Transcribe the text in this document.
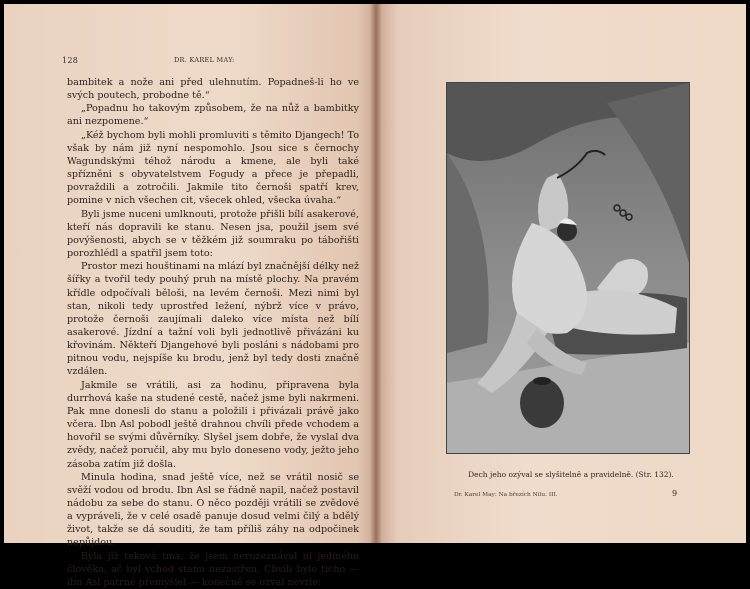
128	DR. KAREL MAY:

bambitek a nože ani před ulehnutím. Popadneš-li ho ve svých poutech, probodne tě.“

„Popadnu ho takovým způsobem, že na nůž a bambitky ani nezpomene.“

„Kéž bychom byli mohli promluviti s těmito Djangech! To však by nám již nyní nespomohlo. Jsou sice s černochy Wagundskými téhož národu a kmene, ale byli také spřízněni s obyvatelstvem Fogudy a přece je přepadli, povraždili a zotročili. Jakmile tito černoši spatří krev, pomine v nich všechen cit, všecek ohled, všecka úvaha.“

Byli jsme nuceni umlknouti, protože přišli bílí asakerové, kteří nás dopravili ke stanu. Nesen jsa, použil jsem své povýšenosti, abych se v těžkém již soumraku po tábořišti porozhlédl a spatřil jsem toto:

Prostor mezi houštinami na mlází byl značnější délky než šířky a tvořil tedy pouhý pruh na místě plochy. Na pravém křídle odpočívali běloši, na levém černoši. Mezi nimi byl stan, nikoli tedy uprostřed ležení, nýbrž více v právo, protože černoši zaujímali daleko více místa než bílí asakerové. Jízdní a tažní voli byli jednotlivě přivázáni ku křovinám. Někteří Djangehové byli posláni s nádobami pro pitnou vodu, nejspíše ku brodu, jenž byl tedy dosti značně vzdálen.

Jakmile se vrátili, asi za hodinu, připravena byla durrhová kaše na studené cestě, načež jsme byli nakrmeni. Pak mne donesli do stanu a položili i přivázali právě jako včera. Ibn Asl pobodl ještě drahnou chvíli přede vchodem a hovořil se svými důvěrníky. Slyšel jsem dobře, že vyslal dva zvědy, načež poručil, aby mu bylo doneseno vody, ježto jeho zásoba zatím již došla.

Minula hodina, snad ještě více, než se vrátil nosič se svěží vodou od brodu. Ibn Asl se řádně napil, načež postavil nádobu za sebe do stanu. O něco později vrátili se zvědové a vypráveli, že v celé osadě panuje dosud velmi čilý a bdělý život, takže se dá souditi, že tam příliš záhy na odpočinek nepůjdou.

Byla již taková tma, že jsem nerozeznával ni jediného člověka, ač byl vchod stanu nezastřen. Chvíli bylo ticho — ibn Asl patrně přemýšlel — konečně se ozval nevrle:

Dech jeho ozýval se slyšitelně a pravidelně. (Str. 132).
Dr. Karel May: Na březích Nilu. III.	9
